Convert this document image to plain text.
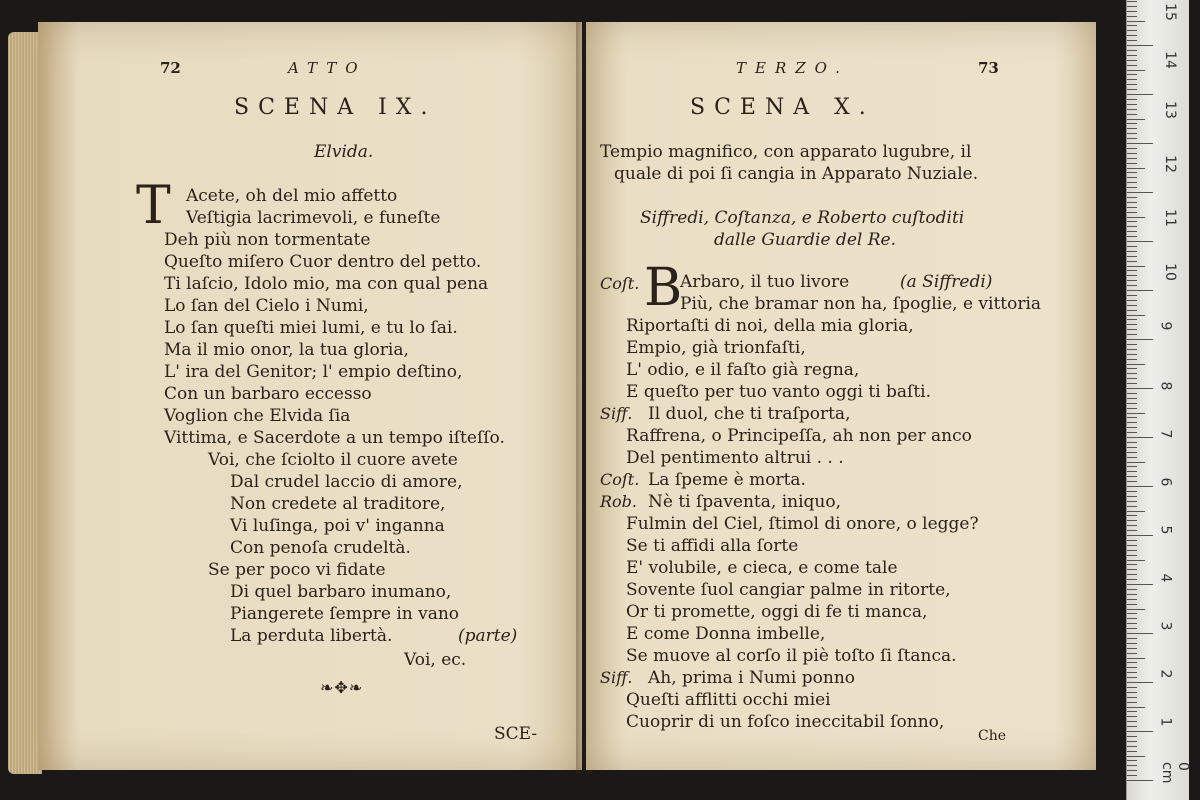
72	ATTO
SCENA IX.
Elvida.
T Acete, oh del mio affetto
Veſtigia lacrimevoli, e funeſte
Deh più non tormentate
Queſto miſero Cuor dentro del petto.
Ti laſcio, Idolo mio, ma con qual pena
Lo ſan del Cielo i Numi,
Lo ſan queſti miei lumi, e tu lo ſai.
Ma il mio onor, la tua gloria,
L' ira del Genitor; l' empio deſtino,
Con un barbaro eccesso
Voglion che Elvida ſia
Vittima, e Sacerdote a un tempo iſteſſo.
Voi, che ſciolto il cuore avete
Dal crudel laccio di amore,
Non credete al traditore,
Vi luſinga, poi v' inganna
Con penoſa crudeltà.
Se per poco vi fidate
Di quel barbaro inumano,
Piangerete ſempre in vano
La perduta libertà.	(parte)
Voi, ec.
❧✥❧
SCE-
TERZO.	73
SCENA X.
Tempio magnifico, con apparato lugubre, il
quale di poi ſi cangia in Apparato Nuziale.
Siffredi, Coſtanza, e Roberto cuſtoditi
dalle Guardie del Re.
Coſt. B
Arbaro, il tuo livore	(a Siffredi)
Più, che bramar non ha, ſpoglie, e vittoria
Riportaſti di noi, della mia gloria,
Empio, già trionfaſti,
L' odio, e il faſto già regna,
E queſto per tuo vanto oggi ti baſti.
Siff. Il duol, che ti traſporta,
Raffrena, o Principeſſa, ah non per anco
Del pentimento altrui . . .
Coſt. La ſpeme è morta.
Rob. Nè ti ſpaventa, iniquo,
Fulmin del Ciel, ſtimol di onore, o legge?
Se ti affidi alla ſorte
E' volubile, e cieca, e come tale
Sovente ſuol cangiar palme in ritorte,
Or ti promette, oggi di fe ti manca,
E come Donna imbelle,
Se muove al corſo il piè toſto ſi ſtanca.
Siff. Ah, prima i Numi ponno
Queſti afflitti occhi miei
Cuoprir di un foſco ineccitabil ſonno,
Che
0 cm
1
2
3
4
5
6
7
8
9
10
11
12
13
14
15
